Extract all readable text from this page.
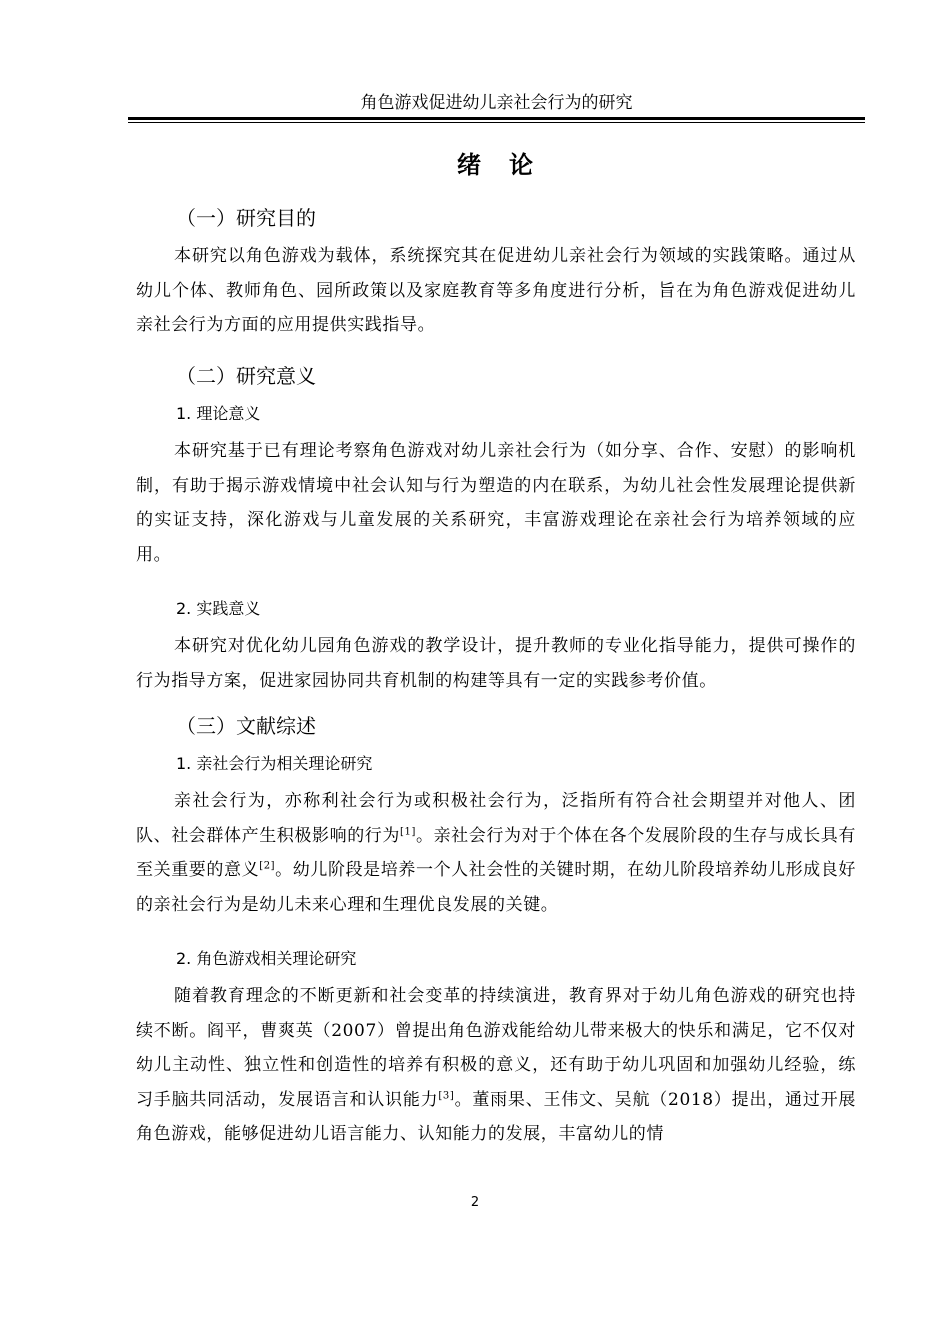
角色游戏促进幼儿亲社会行为的研究
绪　论
（一）研究目的
本研究以角色游戏为载体，系统探究其在促进幼儿亲社会行为领域的实践策略。通过从幼儿个体、教师角色、园所政策以及家庭教育等多角度进行分析，旨在为角色游戏促进幼儿亲社会行为方面的应用提供实践指导。
（二）研究意义
1. 理论意义
本研究基于已有理论考察角色游戏对幼儿亲社会行为（如分享、合作、安慰）的影响机制，有助于揭示游戏情境中社会认知与行为塑造的内在联系，为幼儿社会性发展理论提供新的实证支持，深化游戏与儿童发展的关系研究，丰富游戏理论在亲社会行为培养领域的应用。
2. 实践意义
本研究对优化幼儿园角色游戏的教学设计，提升教师的专业化指导能力，提供可操作的行为指导方案，促进家园协同共育机制的构建等具有一定的实践参考价值。
（三）文献综述
1. 亲社会行为相关理论研究
亲社会行为，亦称利社会行为或积极社会行为，泛指所有符合社会期望并对他人、团队、社会群体产生积极影响的行为[1]。亲社会行为对于个体在各个发展阶段的生存与成长具有至关重要的意义[2]。幼儿阶段是培养一个人社会性的关键时期，在幼儿阶段培养幼儿形成良好的亲社会行为是幼儿未来心理和生理优良发展的关键。
2. 角色游戏相关理论研究
随着教育理念的不断更新和社会变革的持续演进，教育界对于幼儿角色游戏的研究也持续不断。阎平，曹爽英（2007）曾提出角色游戏能给幼儿带来极大的快乐和满足，它不仅对幼儿主动性、独立性和创造性的培养有积极的意义，还有助于幼儿巩固和加强幼儿经验，练习手脑共同活动，发展语言和认识能力[3]。董雨果、王伟文、吴航（2018）提出，通过开展角色游戏，能够促进幼儿语言能力、认知能力的发展，丰富幼儿的情
2
